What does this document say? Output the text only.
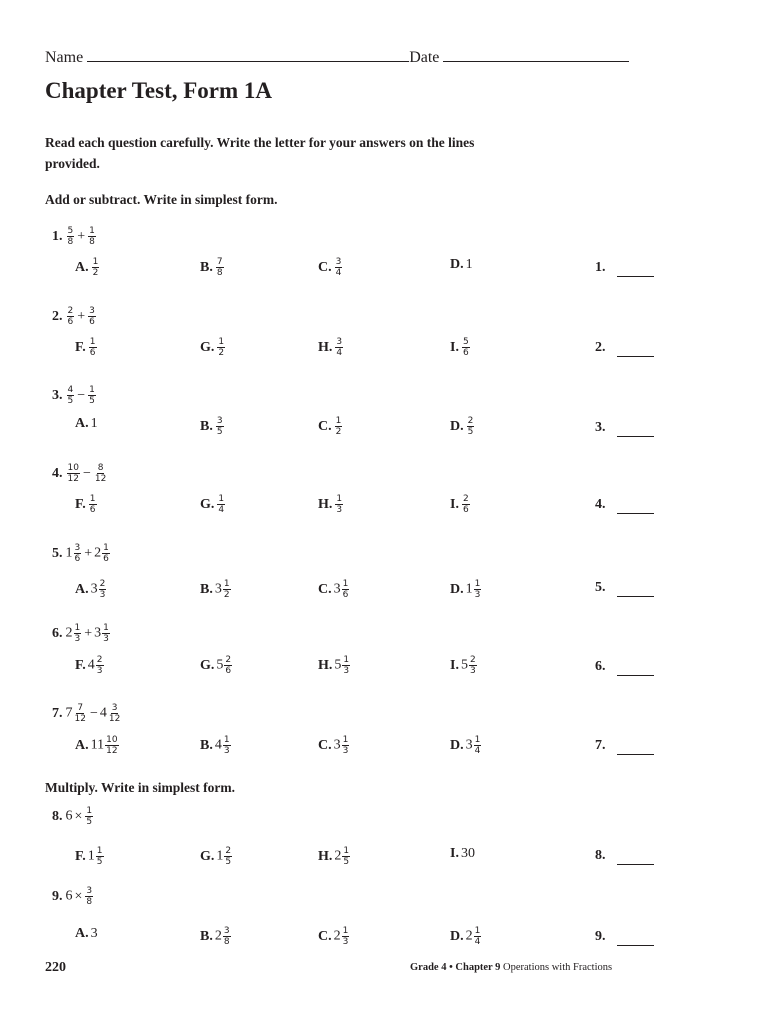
Name	Date
Chapter Test, Form 1A
Read each question carefully. Write the letter for your answers on the lines provided.
Add or subtract. Write in simplest form.
Multiply. Write in simplest form.
1. $\frac{5}{8} + \frac{1}{8}$
A. $\frac{1}{2}$	B. $\frac{7}{8}$	C. $\frac{3}{4}$	D. 1	1.
2. $\frac{2}{6} + \frac{3}{6}$
F. $\frac{1}{6}$	G. $\frac{1}{2}$	H. $\frac{3}{4}$	I. $\frac{5}{6}$	2.
3. $\frac{4}{5} - \frac{1}{5}$
A. 1	B. $\frac{3}{5}$	C. $\frac{1}{2}$	D. $\frac{2}{5}$	3.
4. $\frac{10}{12} - \frac{8}{12}$
F. $\frac{1}{6}$	G. $\frac{1}{4}$	H. $\frac{1}{3}$	I. $\frac{2}{6}$	4.
5. $1 \frac{3}{6} + 2 \frac{1}{6}$
A. $3 \frac{2}{3}$	B. $3 \frac{1}{2}$	C. $3 \frac{1}{6}$	D. $1 \frac{1}{3}$	5.
6. $2 \frac{1}{3} + 3 \frac{1}{3}$
F. $4 \frac{2}{3}$	G. $5 \frac{2}{6}$	H. $5 \frac{1}{3}$	I. $5 \frac{2}{3}$	6.
7. $7 \frac{7}{12} - 4 \frac{3}{12}$
A. $11 \frac{10}{12}$	B. $4 \frac{1}{3}$	C. $3 \frac{1}{3}$	D. $3 \frac{1}{4}$	7.
8. $6 \times \frac{1}{5}$
F. $1 \frac{1}{5}$	G. $1 \frac{2}{5}$	H. $2 \frac{1}{5}$	I. 30	8.
9. $6 \times \frac{3}{8}$
A. 3	B. $2 \frac{3}{8}$	C. $2 \frac{1}{3}$	D. $2 \frac{1}{4}$	9.
220	Grade 4 • Chapter 9 Operations with Fractions
